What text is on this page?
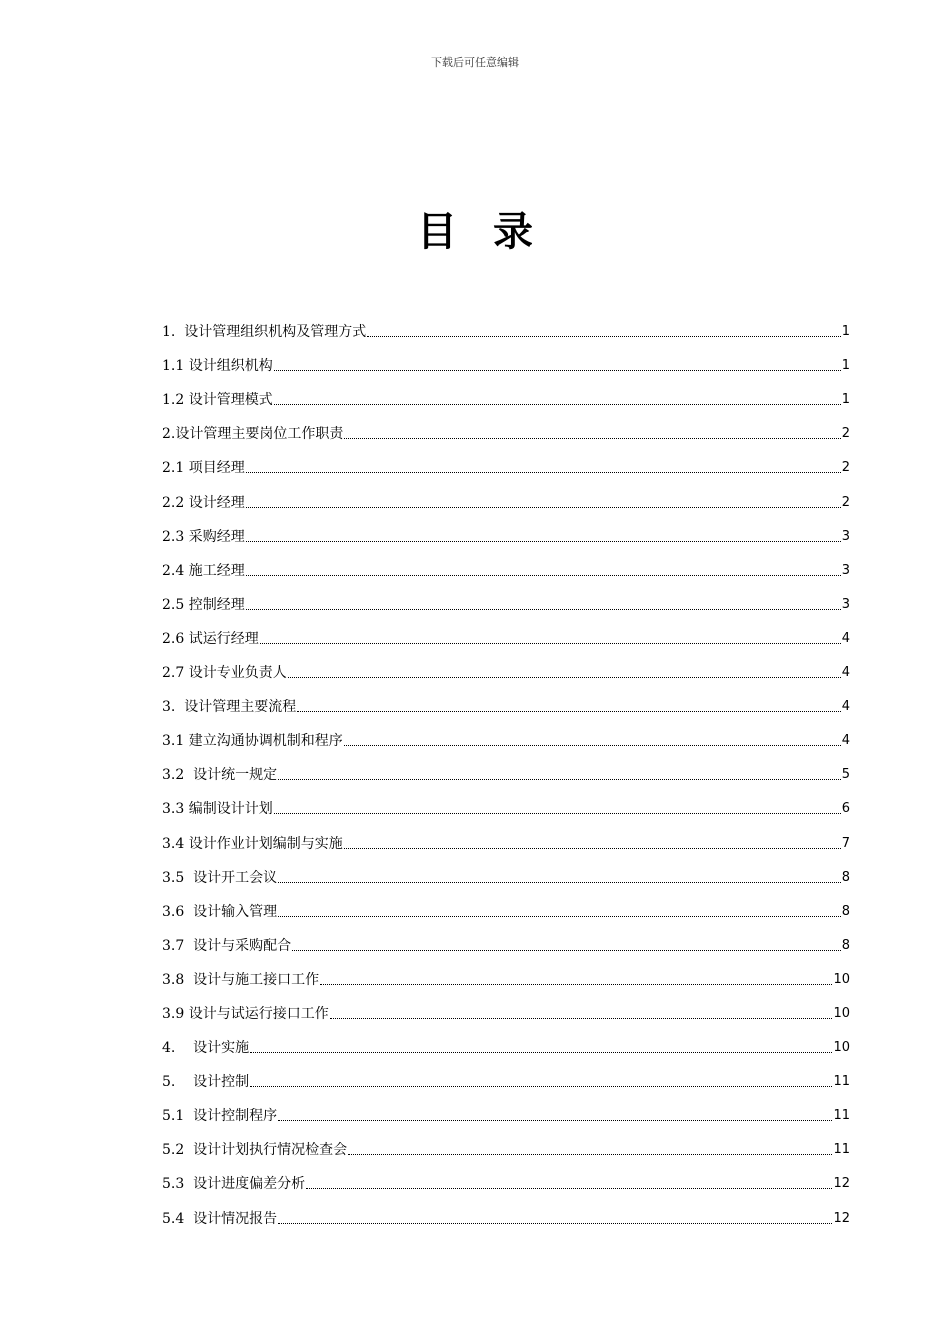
下载后可任意编辑
目录
1.  设计管理组织机构及管理方式	1
1.1 设计组织机构	1
1.2 设计管理模式	1
2.设计管理主要岗位工作职责	2
2.1 项目经理	2
2.2 设计经理	2
2.3 采购经理	3
2.4 施工经理	3
2.5 控制经理	3
2.6 试运行经理	4
2.7 设计专业负责人	4
3.  设计管理主要流程	4
3.1 建立沟通协调机制和程序	4
3.2  设计统一规定	5
3.3 编制设计计划	6
3.4 设计作业计划编制与实施	7
3.5  设计开工会议	8
3.6  设计输入管理	8
3.7  设计与采购配合	8
3.8  设计与施工接口工作	10
3.9 设计与试运行接口工作	10
4.    设计实施	10
5.    设计控制	11
5.1  设计控制程序	11
5.2  设计计划执行情况检查会	11
5.3  设计进度偏差分析	12
5.4  设计情况报告	12
